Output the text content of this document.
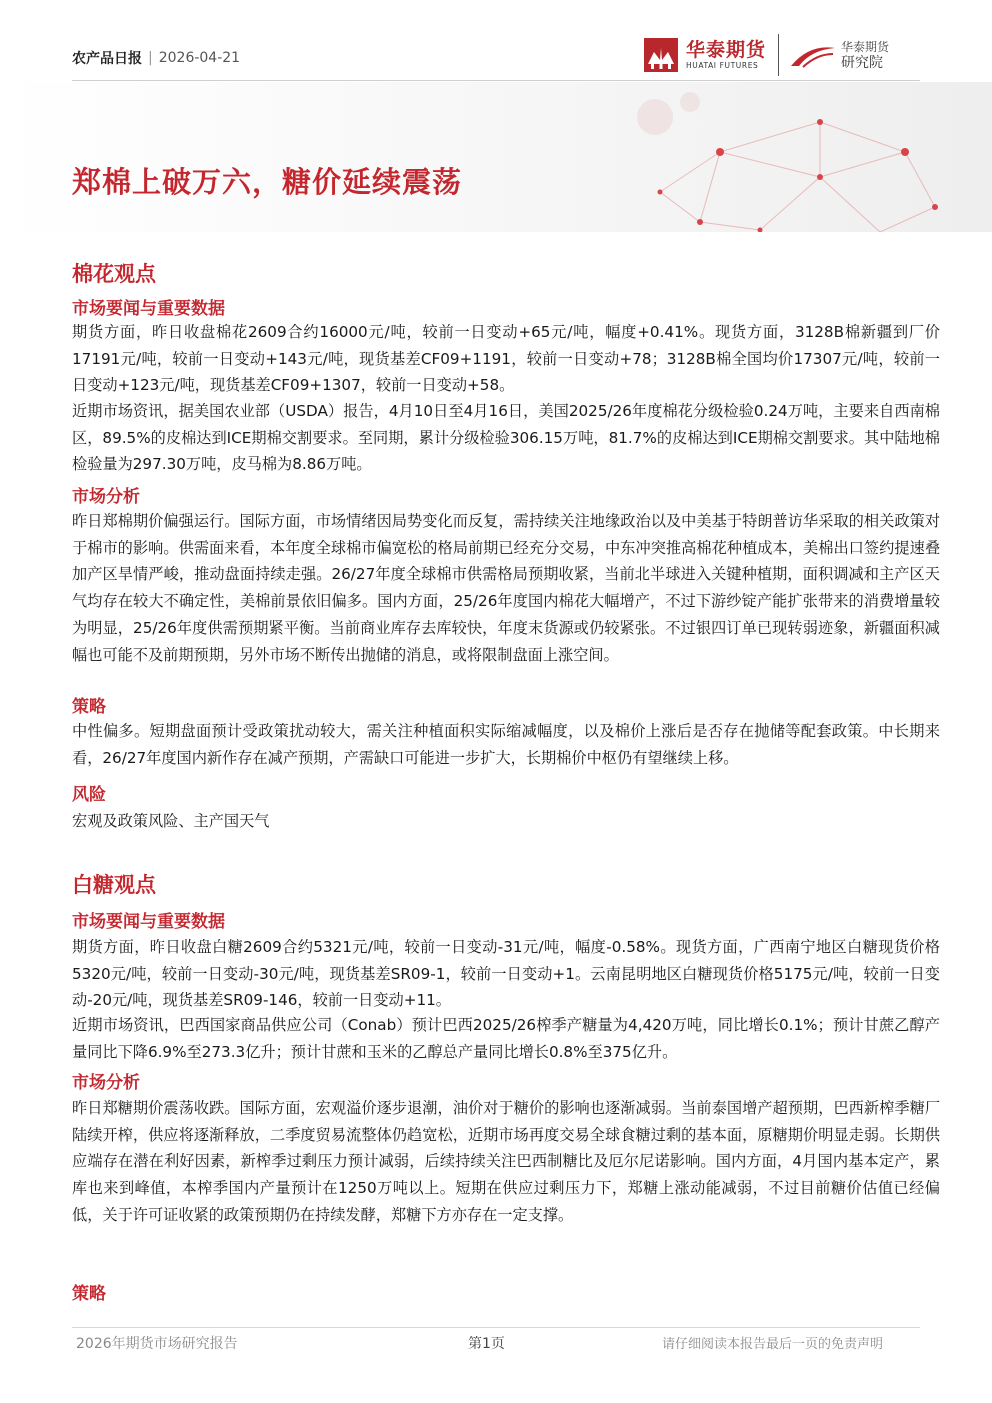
农产品日报 | 2026-04-21	华泰期货
HUATAI FUTURES
华泰期货
研究院
郑棉上破万六，糖价延续震荡
棉花观点
市场要闻与重要数据
期货方面，昨日收盘棉花2609合约16000元/吨，较前一日变动+65元/吨，幅度+0.41%。现货方面，3128B棉新疆到厂价17191元/吨，较前一日变动+143元/吨，现货基差CF09+1191，较前一日变动+78；3128B棉全国均价17307元/吨，较前一日变动+123元/吨，现货基差CF09+1307，较前一日变动+58。
近期市场资讯，据美国农业部（USDA）报告，4月10日至4月16日，美国2025/26年度棉花分级检验0.24万吨，主要来自西南棉区，89.5%的皮棉达到ICE期棉交割要求。至同期，累计分级检验306.15万吨，81.7%的皮棉达到ICE期棉交割要求。其中陆地棉检验量为297.30万吨，皮马棉为8.86万吨。
市场分析
昨日郑棉期价偏强运行。国际方面，市场情绪因局势变化而反复，需持续关注地缘政治以及中美基于特朗普访华采取的相关政策对于棉市的影响。供需面来看，本年度全球棉市偏宽松的格局前期已经充分交易，中东冲突推高棉花种植成本，美棉出口签约提速叠加产区旱情严峻，推动盘面持续走强。26/27年度全球棉市供需格局预期收紧，当前北半球进入关键种植期，面积调减和主产区天气均存在较大不确定性，美棉前景依旧偏多。国内方面，25/26年度国内棉花大幅增产，不过下游纱锭产能扩张带来的消费增量较为明显，25/26年度供需预期紧平衡。当前商业库存去库较快，年度末货源或仍较紧张。不过银四订单已现转弱迹象，新疆面积减幅也可能不及前期预期，另外市场不断传出抛储的消息，或将限制盘面上涨空间。
策略
中性偏多。短期盘面预计受政策扰动较大，需关注种植面积实际缩减幅度，以及棉价上涨后是否存在抛储等配套政策。中长期来看，26/27年度国内新作存在减产预期，产需缺口可能进一步扩大，长期棉价中枢仍有望继续上移。
风险
宏观及政策风险、主产国天气
白糖观点
市场要闻与重要数据
期货方面，昨日收盘白糖2609合约5321元/吨，较前一日变动-31元/吨，幅度-0.58%。现货方面，广西南宁地区白糖现货价格5320元/吨，较前一日变动-30元/吨，现货基差SR09-1，较前一日变动+1。云南昆明地区白糖现货价格5175元/吨，较前一日变动-20元/吨，现货基差SR09-146，较前一日变动+11。
近期市场资讯，巴西国家商品供应公司（Conab）预计巴西2025/26榨季产糖量为4,420万吨，同比增长0.1%；预计甘蔗乙醇产量同比下降6.9%至273.3亿升；预计甘蔗和玉米的乙醇总产量同比增长0.8%至375亿升。
市场分析
昨日郑糖期价震荡收跌。国际方面，宏观溢价逐步退潮，油价对于糖价的影响也逐渐减弱。当前泰国增产超预期，巴西新榨季糖厂陆续开榨，供应将逐渐释放，二季度贸易流整体仍趋宽松，近期市场再度交易全球食糖过剩的基本面，原糖期价明显走弱。长期供应端存在潜在利好因素，新榨季过剩压力预计减弱，后续持续关注巴西制糖比及厄尔尼诺影响。国内方面，4月国内基本定产，累库也来到峰值，本榨季国内产量预计在1250万吨以上。短期在供应过剩压力下，郑糖上涨动能减弱，不过目前糖价估值已经偏低，关于许可证收紧的政策预期仍在持续发酵，郑糖下方亦存在一定支撑。
策略
2026年期货市场研究报告	第1页	请仔细阅读本报告最后一页的免责声明
